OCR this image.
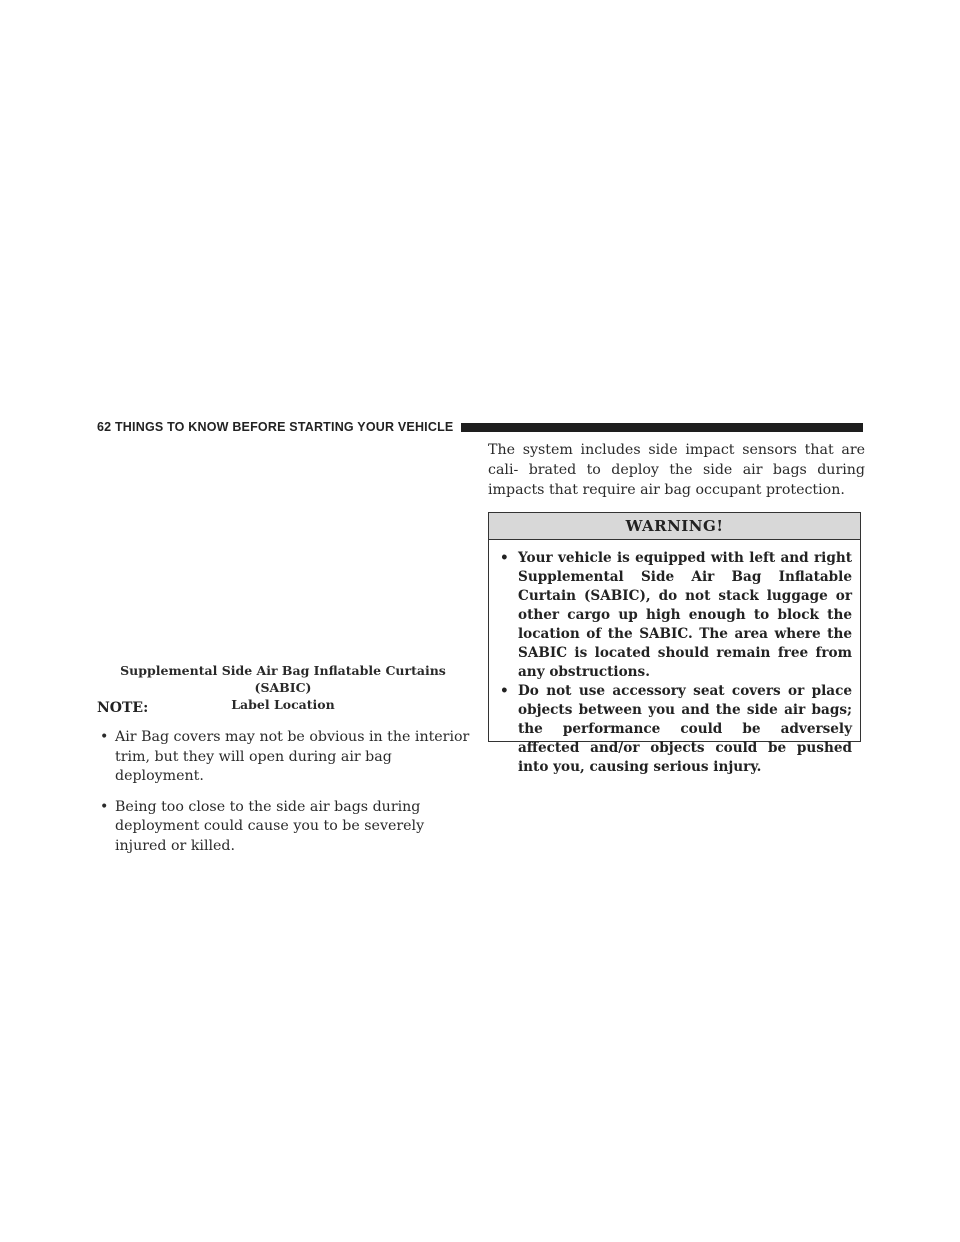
62 THINGS TO KNOW BEFORE STARTING YOUR VEHICLE
Supplemental Side Air Bag Inflatable Curtains (SABIC)
Label Location
NOTE:
• Air Bag covers may not be obvious in the interior trim, but they will open during air bag deployment.
• Being too close to the side air bags during deployment could cause you to be severely injured or killed.
The system includes side impact sensors that are cali- brated to deploy the side air bags during impacts that require air bag occupant protection.
WARNING!
• Your vehicle is equipped with left and right Supplemental Side Air Bag Inflatable Curtain (SABIC), do not stack luggage or other cargo up high enough to block the location of the SABIC. The area where the SABIC is located should remain free from any obstructions.
• Do not use accessory seat covers or place objects between you and the side air bags; the performance could be adversely affected and/or objects could be pushed into you, causing serious injury.
